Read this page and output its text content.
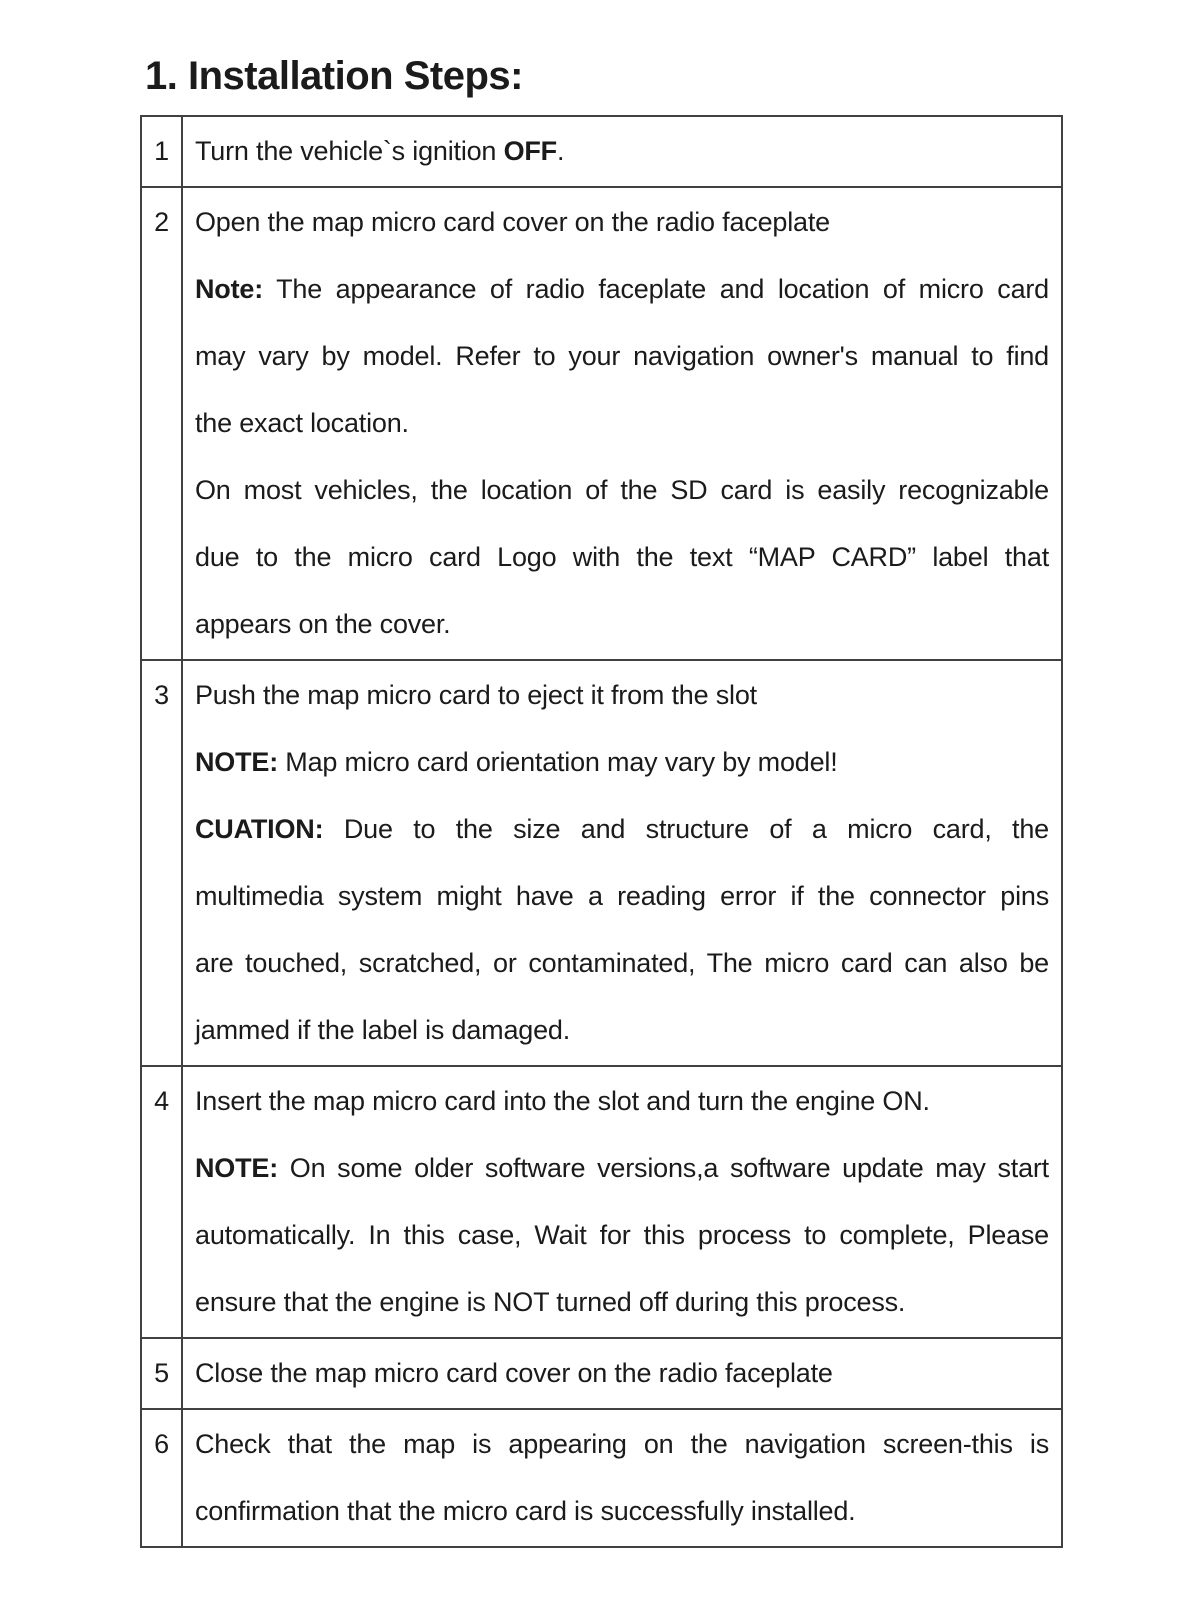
1. Installation Steps:
1	Turn the vehicle`s ignition OFF.

2	Open the map micro card cover on the radio faceplate
Note: The appearance of radio faceplate and location of micro card
may vary by model. Refer to your navigation owner's manual to find
the exact location.
On most vehicles, the location of the SD card is easily recognizable
due to the micro card Logo with the text “MAP CARD” label that
appears on the cover.

3	Push the map micro card to eject it from the slot
NOTE: Map micro card orientation may vary by model!
CUATION: Due to the size and structure of a micro card, the
multimedia system might have a reading error if the connector pins
are touched, scratched, or contaminated, The micro card can also be
jammed if the label is damaged.

4	Insert the map micro card into the slot and turn the engine ON.
NOTE: On some older software versions,a software update may start
automatically. In this case, Wait for this process to complete, Please
ensure that the engine is NOT turned off during this process.

5	Close the map micro card cover on the radio faceplate

6	Check that the map is appearing on the navigation screen-this is
confirmation that the micro card is successfully installed.
